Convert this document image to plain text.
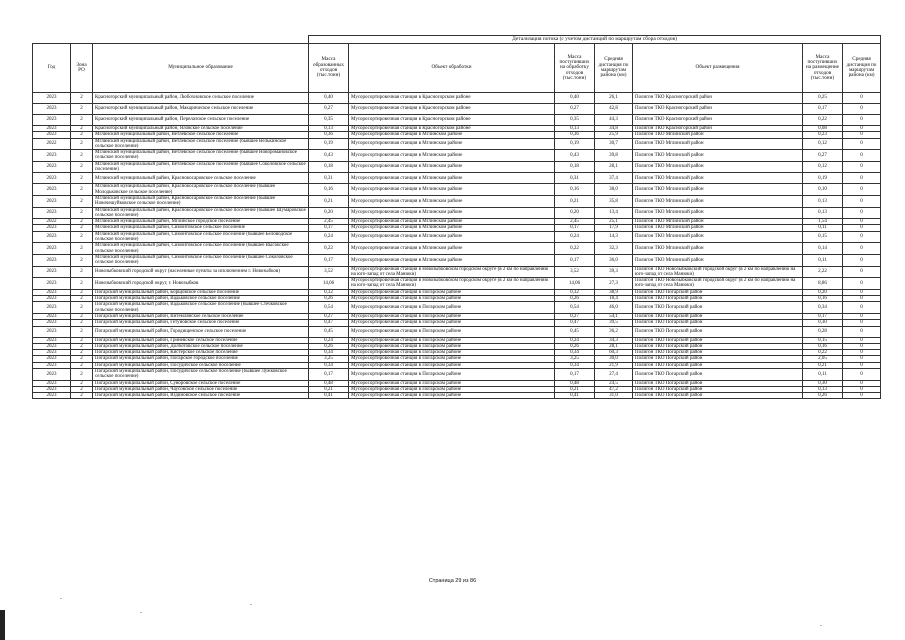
			Детализация потока (с учетом дистанций по маршрутам сбора отходов)						
Год	Зона РО	Муниципальное образование	Масса образованных отходов (тыс.тонн)	Объект обработки	Масса поступивших на обработку отходов (тыс.тонн)	Средняя дистанция по маршрутам района (км)	Объект размещения	Масса поступивших на размещение отходов (тыс.тонн)	Средняя дистанция по маршрутам района (км)
2023	2	Красногорский муниципальный район, Любохновское сельское поселение	0,40	Мусоросортировочная станция в Красногорском районе	0,40	26,1	Полигон ТКО Красногорский район	0,25	0
2023	2	Красногорский муниципальный район, Макарическое сельское поселение	0,27	Мусоросортировочная станция в Красногорском районе	0,27	42,8	Полигон ТКО Красногорский район	0,17	0
2023	2	Красногорский муниципальный район, Перелазское сельское поселение	0,35	Мусоросортировочная станция в Красногорском районе	0,35	44,3	Полигон ТКО Красногорский район	0,22	0
2023	2	Красногорский муниципальный район, Яловское сельское поселение	0,13	Мусоросортировочная станция в Красногорском районе	0,13	34,8	Полигон ТКО Красногорский район	0,08	0
2023	2	Мглинский муниципальный район, Ветлевское сельское поселение	0,36	Мусоросортировочная станция в Мглинском районе	0,36	25,9	Полигон ТКО Мглинский район	0,23	0
2022	2	Мглинский муниципальный район, Ветлевское сельское поселение (бывшее Велькинское сельское поселение)	0,19	Мусоросортировочная станция в Мглинском районе	0,19	30,7	Полигон ТКО Мглинский район	0,12	0
2023	2	Мглинский муниципальный район, Ветлевское сельское поселение (бывшее Новоромановское сельское поселение)	0,43	Мусоросортировочная станция в Мглинском районе	0,43	39,8	Полигон ТКО Мглинский район	0,27	0
2023	2	Мглинский муниципальный район, Ветлевское сельское поселение (бывшее Соколовское сельское поселение)	0,18	Мусоросортировочная станция в Мглинском районе	0,18	28,1	Полигон ТКО Мглинский район	0,12	0
2023	2	Мглинский муниципальный район, Краснокосаровское сельское поселение	0,31	Мусоросортировочная станция в Мглинском районе	0,31	37,4	Полигон ТКО Мглинский район	0,19	0
2023	2	Мглинский муниципальный район, Краснокосаровское сельское поселение (бывшее Молодьковское сельское поселение)	0,16	Мусоросортировочная станция в Мглинском районе	0,16	38,0	Полигон ТКО Мглинский район	0,10	0
2023	2	Мглинский муниципальный район, Краснокосаровское сельское поселение (бывшее Новочешуйковское сельское поселение)	0,21	Мусоросортировочная станция в Мглинском районе	0,21	35,8	Полигон ТКО Мглинский район	0,13	0
2023	2	Мглинский муниципальный район, Краснокосаровское сельское поселение (бывшее Шумаровское сельское поселение)	0,20	Мусоросортировочная станция в Мглинском районе	0,20	13,4	Полигон ТКО Мглинский район	0,13	0
2022	2	Мглинский муниципальный район, Мглинское городское поселение	2,45	Мусоросортировочная станция в Мглинском районе	2,45	25,1	Полигон ТКО Мглинский район	1,54	0
2023	2	Мглинский муниципальный район, Симонтовское сельское поселение	0,17	Мусоросортировочная станция в Мглинском районе	0,17	17,9	Полигон ТКО Мглинский район	0,11	0
2023	2	Мглинский муниципальный район, Симонтовское сельское поселение (бывшее Беловодское сельское поселение)	0,24	Мусоросортировочная станция в Мглинском районе	0,24	14,3	Полигон ТКО Мглинский район	0,15	0
2023	2	Мглинский муниципальный район, Симонтовское сельское поселение (бывшее Высокское сельское поселение)	0,22	Мусоросортировочная станция в Мглинском районе	0,22	32,3	Полигон ТКО Мглинский район	0,14	0
2023	2	Мглинский муниципальный район, Симонтовское сельское поселение (бывшее Соколовское сельское поселение)	0,17	Мусоросортировочная станция в Мглинском районе	0,17	36,0	Полигон ТКО Мглинский район	0,11	0
2023	2	Новозыбковский городской округ (населенные пункты за исключением г. Новозыбков)	3,52	Мусоросортировочная станция в Новозыбковском городском округе (в 2 км по направлению на юго-запад от села Манюки)	3,52	39,3	Полигон ТКО Новозыбковский городской округ (в 2 км по направлению на юго-запад от села Манюки)	2,22	0
2023	2	Новозыбковский городской округ, г. Новозыбков	14,06	Мусоросортировочная станция в Новозыбковском городском округе (в 2 км по направлению на юго-запад от села Манюки)	14,06	27,3	Полигон ТКО Новозыбковский городской округ (в 2 км по направлению на юго-запад от села Манюки)	8,86	0
2023	2	Погарский муниципальный район, Борщовское сельское поселение	0,32	Мусоросортировочная станция в Погарском районе	0,32	38,9	Полигон ТКО Погарский район	0,20	0
2023	2	Погарский муниципальный район, Вадьковское сельское поселение	0,26	Мусоросортировочная станция в Погарском районе	0,26	18,4	Полигон ТКО Погарский район	0,16	0
2023	2	Погарский муниципальный район, Вадьковское сельское поселение (бывшее Стечковское сельское поселение)	0,54	Мусоросортировочная станция в Погарском районе	0,54	46,0	Полигон ТКО Погарский район	0,34	0
2023	2	Погарский муниципальный район, Витемлянское сельское поселение	0,27	Мусоросортировочная станция в Погарском районе	0,27	54,1	Полигон ТКО Погарский район	0,17	0
2023	2	Погарский муниципальный район, Гетуновское сельское поселение	0,47	Мусоросортировочная станция в Погарском районе	0,47	39,5	Полигон ТКО Погарский район	0,30	0
2023	2	Погарский муниципальный район, Городищенское сельское поселение	0,45	Мусоросортировочная станция в Погарском районе	0,45	36,2	Полигон ТКО Погарский район	0,28	0
2023	2	Погарский муниципальный район, Гриневское сельское поселение	0,24	Мусоросортировочная станция в Погарском районе	0,24	34,3	Полигон ТКО Погарский район	0,15	0
2023	2	Погарский муниципальный район, Долботовское сельское поселение	0,26	Мусоросортировочная станция в Погарском районе	0,26	28,1	Полигон ТКО Погарский район	0,16	0
2023	2	Погарский муниципальный район, Кистерское сельское поселение	0,34	Мусоросортировочная станция в Погарском районе	0,34	60,3	Полигон ТКО Погарский район	0,22	0
2023	2	Погарский муниципальный район, Погарское городское поселение	3,25	Мусоросортировочная станция в Погарском районе	3,25	30,0	Полигон ТКО Погарский район	2,05	0
2023	2	Погарский муниципальный район, Посудичское сельское поселение	0,34	Мусоросортировочная станция в Погарском районе	0,34	21,9	Полигон ТКО Погарский район	0,21	0
2023	2	Погарский муниципальный район, Посудичское сельское поселение (бывшее Лужковское сельское поселение)	0,17	Мусоросортировочная станция в Погарском районе	0,17	27,4	Полигон ТКО Погарский район	0,11	0
2023	2	Погарский муниципальный район, Суворовское сельское поселение	0,48	Мусоросортировочная станция в Погарском районе	0,48	24,5	Полигон ТКО Погарский район	0,30	0
2023	2	Погарский муниципальный район, Чаусовское сельское поселение	0,21	Мусоросортировочная станция в Погарском районе	0,21	47,2	Полигон ТКО Погарский район	0,13	0
2023	2	Погарский муниципальный район, Юдиновское сельское поселение	0,41	Мусоросортировочная станция в Погарском районе	0,41	31,0	Полигон ТКО Погарский район	0,26	0
Страница 29 из 86
